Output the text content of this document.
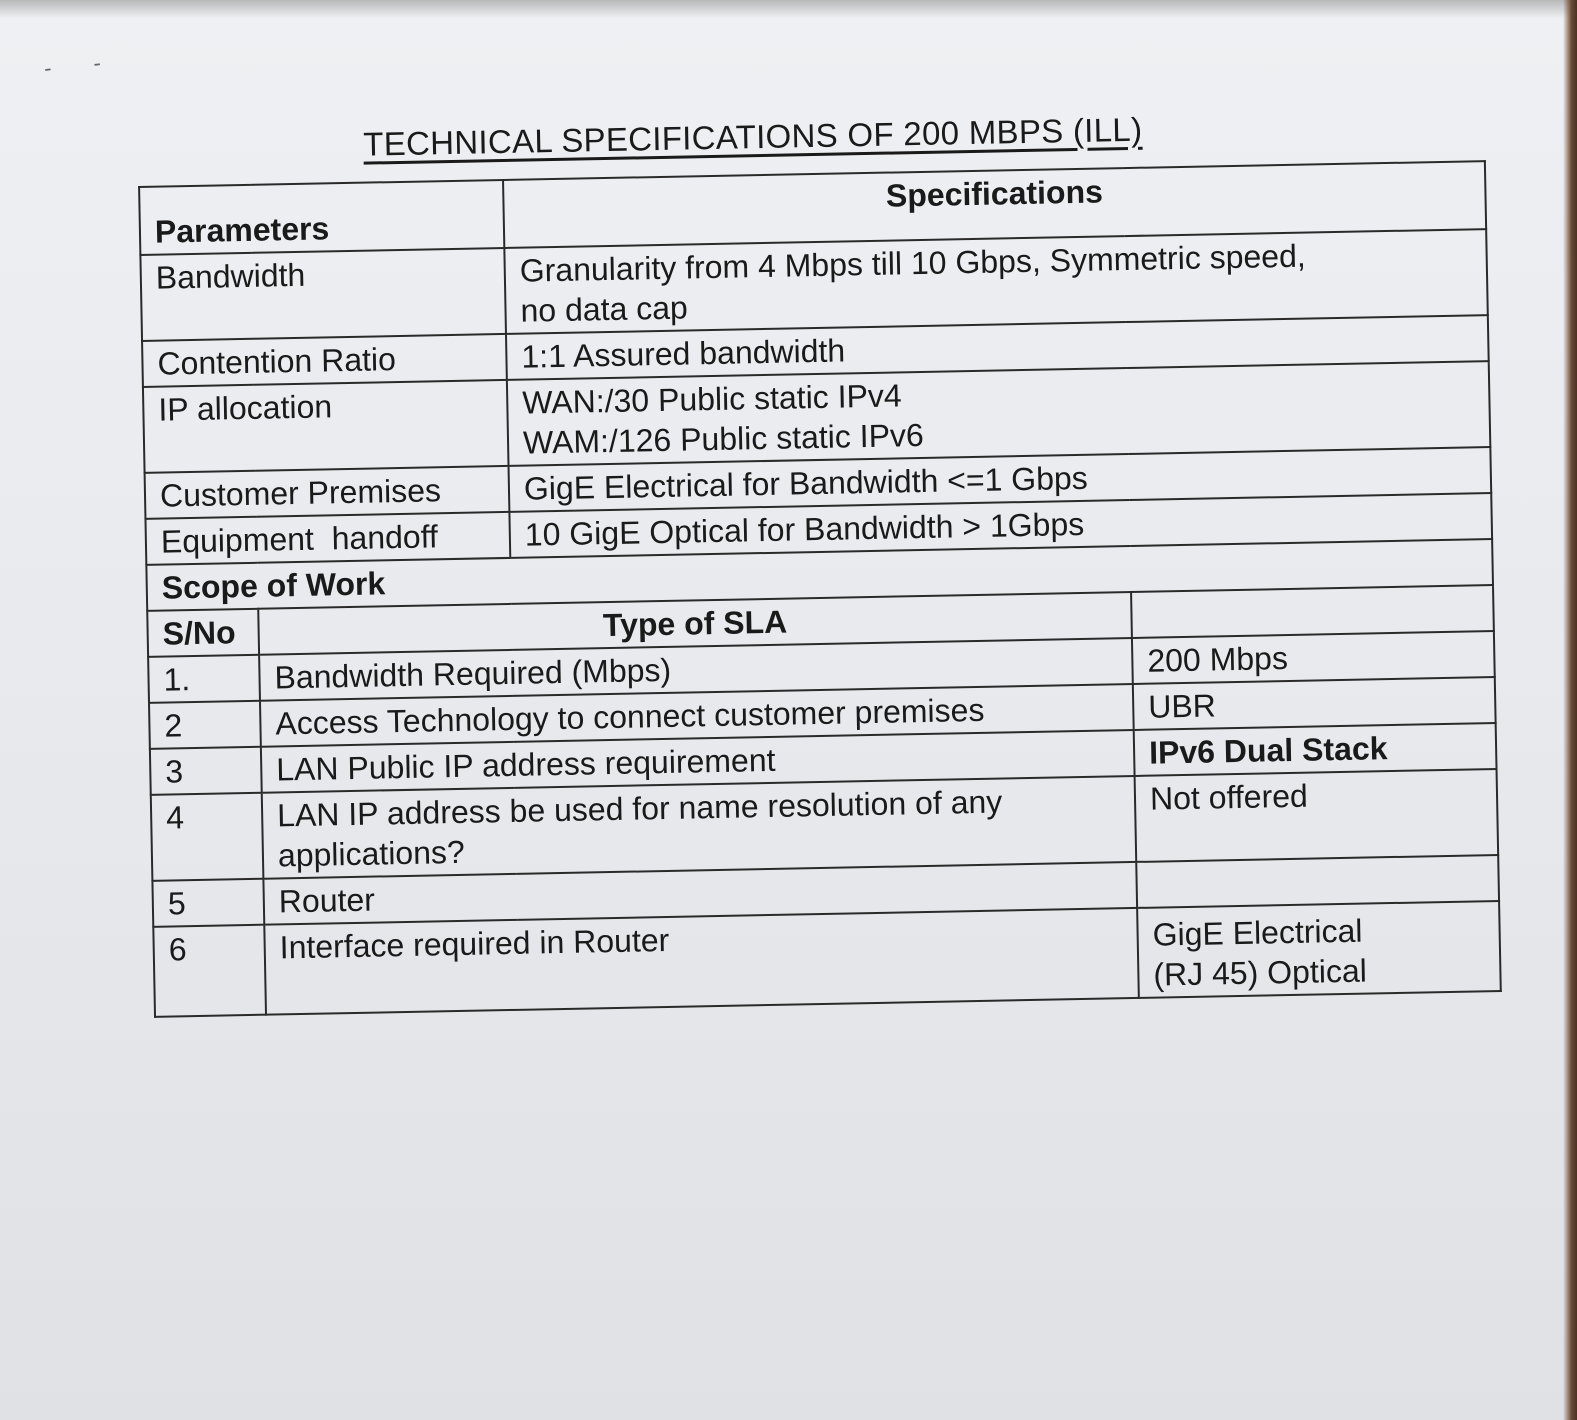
- -
TECHNICAL SPECIFICATIONS OF 200 MBPS (ILL)
Parameters		Specifications	
Bandwidth		Granularity from 4 Mbps till 10 Gbps, Symmetric speed,
no data cap	
Contention Ratio		1:1 Assured bandwidth	
IP allocation		WAN:/30 Public static IPv4
WAM:/126 Public static IPv6	
Customer Premises		GigE Electrical for Bandwidth <=1 Gbps	
Equipment  handoff		10 GigE Optical for Bandwidth > 1Gbps	
Scope of Work			
S/No	Type of SLA		
1.	Bandwidth Required (Mbps)		200 Mbps
2	Access Technology to connect customer premises		UBR
3	LAN Public IP address requirement		IPv6 Dual Stack
4	LAN IP address be used for name resolution of any
applications?		Not offered
5	Router		
6	Interface required in Router		GigE Electrical
(RJ 45) Optical
